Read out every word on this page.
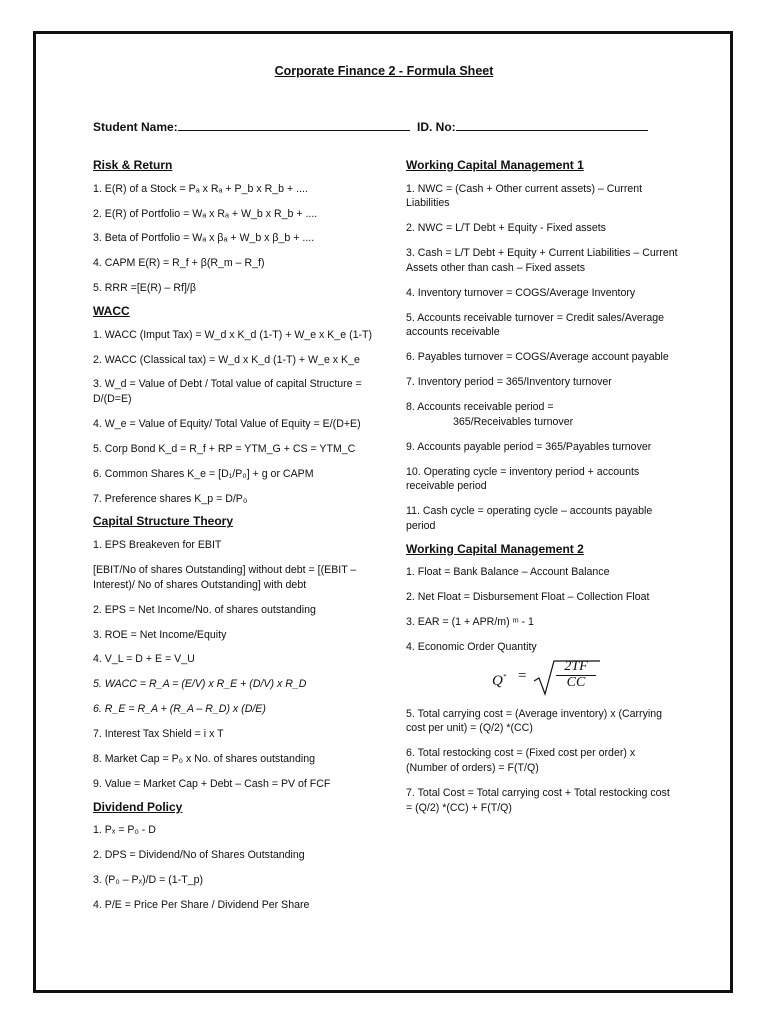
Corporate Finance 2 - Formula Sheet
Student Name:	ID. No:
Risk & Return
1. E(R) of a Stock = Pₐ x Rₐ + P_b x R_b + ....
2. E(R) of Portfolio = Wₐ x Rₐ + W_b x R_b + ....
3. Beta of Portfolio = Wₐ x βₐ + W_b x β_b + ....
4. CAPM E(R) = R_f + β(R_m – R_f)
5. RRR =[E(R) – Rf]/β
WACC
1. WACC (Imput Tax) = W_d x K_d (1-T) + W_e x K_e (1-T)
2. WACC (Classical tax) = W_d x K_d (1-T) + W_e x K_e
3. W_d = Value of Debt / Total value of capital Structure = D/(D=E)
4. W_e = Value of Equity/ Total Value of Equity = E/(D+E)
5. Corp Bond K_d = R_f + RP = YTM_G + CS = YTM_C
6. Common Shares K_e = [D₁/P₀] + g or CAPM
7. Preference shares K_p = D/P₀
Capital Structure Theory
1. EPS Breakeven for EBIT
[EBIT/No of shares Outstanding] without debt = [(EBIT – Interest)/ No of shares Outstanding] with debt
2. EPS = Net Income/No. of shares outstanding
3. ROE = Net Income/Equity
4. V_L = D + E = V_U
5. WACC = R_A = (E/V) x R_E + (D/V) x R_D
6. R_E = R_A + (R_A – R_D) x (D/E)
7. Interest Tax Shield = i x T
8. Market Cap = P₀ x No. of shares outstanding
9. Value = Market Cap + Debt – Cash = PV of FCF
Dividend Policy
1. Pₓ = P₀ - D
2. DPS = Dividend/No of Shares Outstanding
3. (P₀ – Pₓ)/D = (1-T_p)
4. P/E = Price Per Share / Dividend Per Share
Working Capital Management 1
1. NWC = (Cash + Other current assets) – Current Liabilities
2. NWC = L/T Debt + Equity - Fixed assets
3. Cash = L/T Debt + Equity + Current Liabilities – Current Assets other than cash – Fixed assets
4. Inventory turnover = COGS/Average Inventory
5. Accounts receivable turnover = Credit sales/Average accounts receivable
6. Payables turnover = COGS/Average account payable
7. Inventory period = 365/Inventory turnover
8. Accounts receivable period =
365/Receivables turnover
9. Accounts payable period = 365/Payables turnover
10. Operating cycle = inventory period + accounts receivable period
11. Cash cycle = operating cycle – accounts payable period
Working Capital Management 2
1. Float = Bank Balance – Account Balance
2. Net Float = Disbursement Float – Collection Float
3. EAR = (1 + APR/m) ᵐ - 1
4. Economic Order Quantity
$Q^* = \frac{2TF}{CC}$
5. Total carrying cost = (Average inventory) x (Carrying cost per unit) = (Q/2) *(CC)
6. Total restocking cost = (Fixed cost per order) x (Number of orders) = F(T/Q)
7. Total Cost = Total carrying cost + Total restocking cost = (Q/2) *(CC) + F(T/Q)
